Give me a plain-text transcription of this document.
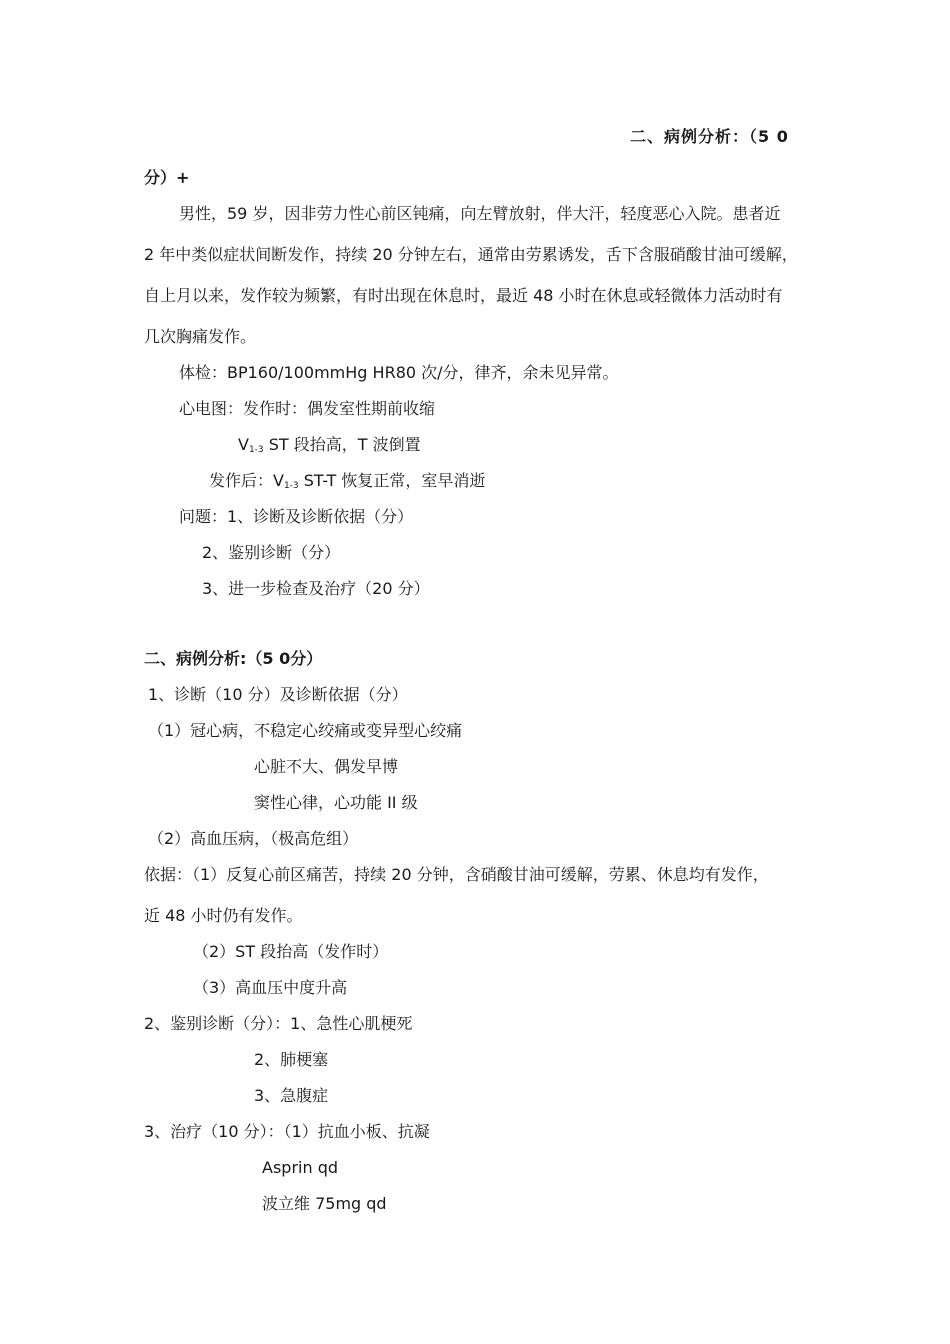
二、病例分析：（5 0
分）+
男性，59 岁，因非劳力性心前区钝痛，向左臂放射，伴大汗，轻度恶心入院。患者近
2 年中类似症状间断发作，持续 20 分钟左右，通常由劳累诱发，舌下含服硝酸甘油可缓解，
自上月以来，发作较为频繁，有时出现在休息时，最近 48 小时在休息或轻微体力活动时有
几次胸痛发作。
体检：BP160/100mmHg HR80 次/分，律齐，余未见异常。
心电图：发作时：偶发室性期前收缩
$V_{1-3}$ ST 段抬高，T 波倒置
发作后：$V_{1-3}$ ST-T 恢复正常，室早消逝
问题：1、诊断及诊断依据（分）
2、鉴别诊断（分）
3、进一步检查及治疗（20 分）
二、病例分析:（5 0分）
1、诊断（10 分）及诊断依据（分）
（1）冠心病，不稳定心绞痛或变异型心绞痛
心脏不大、偶发早博
窦性心律，心功能 II 级
（2）高血压病，（极高危组）
依据：（1）反复心前区痛苦，持续 20 分钟，含硝酸甘油可缓解，劳累、休息均有发作，
近 48 小时仍有发作。
（2）ST 段抬高（发作时）
（3）高血压中度升高
2、鉴别诊断（分）：1、急性心肌梗死
2、肺梗塞
3、急腹症
3、治疗（10 分）：（1）抗血小板、抗凝
Asprin qd
波立维 75mg qd
